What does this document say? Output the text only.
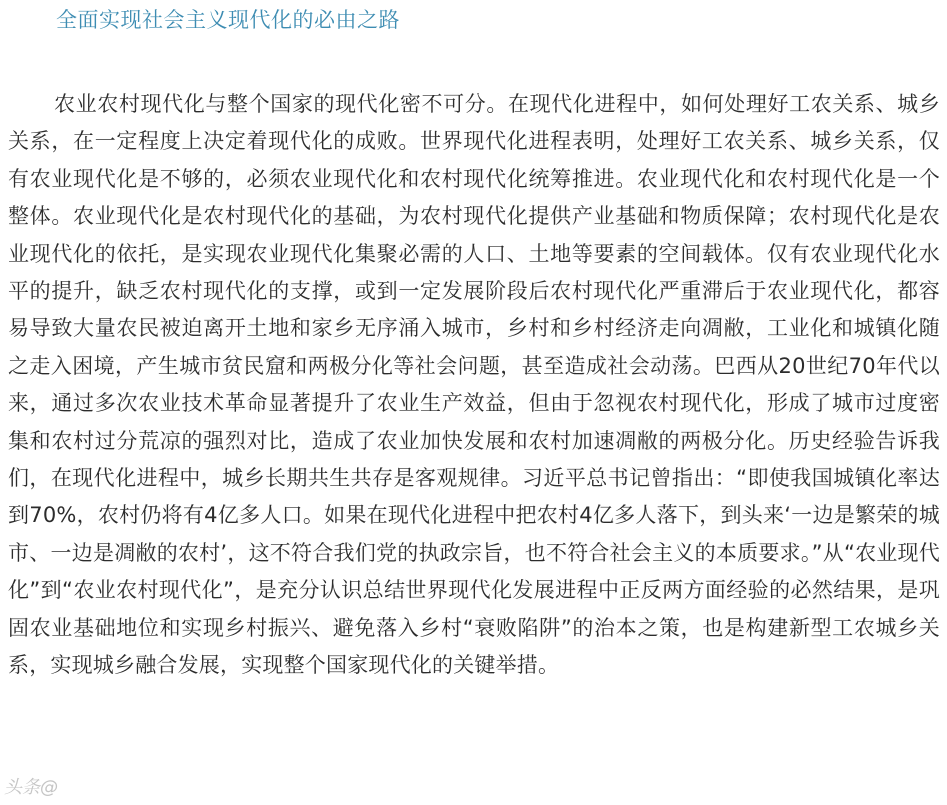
全面实现社会主义现代化的必由之路

农业农村现代化与整个国家的现代化密不可分。在现代化进程中，如何处理好工农关系、城乡关系，在一定程度上决定着现代化的成败。世界现代化进程表明，处理好工农关系、城乡关系，仅有农业现代化是不够的，必须农业现代化和农村现代化统筹推进。农业现代化和农村现代化是一个整体。农业现代化是农村现代化的基础，为农村现代化提供产业基础和物质保障；农村现代化是农业现代化的依托，是实现农业现代化集聚必需的人口、土地等要素的空间载体。仅有农业现代化水平的提升，缺乏农村现代化的支撑，或到一定发展阶段后农村现代化严重滞后于农业现代化，都容易导致大量农民被迫离开土地和家乡无序涌入城市，乡村和乡村经济走向凋敝，工业化和城镇化随之走入困境，产生城市贫民窟和两极分化等社会问题，甚至造成社会动荡。巴西从20世纪70年代以来，通过多次农业技术革命显著提升了农业生产效益，但由于忽视农村现代化，形成了城市过度密集和农村过分荒凉的强烈对比，造成了农业加快发展和农村加速凋敝的两极分化。历史经验告诉我们，在现代化进程中，城乡长期共生共存是客观规律。习近平总书记曾指出：“即使我国城镇化率达到70%，农村仍将有4亿多人口。如果在现代化进程中把农村4亿多人落下，到头来‘一边是繁荣的城市、一边是凋敝的农村’，这不符合我们党的执政宗旨，也不符合社会主义的本质要求。”从“农业现代化”到“农业农村现代化”，是充分认识总结世界现代化发展进程中正反两方面经验的必然结果，是巩固农业基础地位和实现乡村振兴、避免落入乡村“衰败陷阱”的治本之策，也是构建新型工农城乡关系，实现城乡融合发展，实现整个国家现代化的关键举措。

头条@
